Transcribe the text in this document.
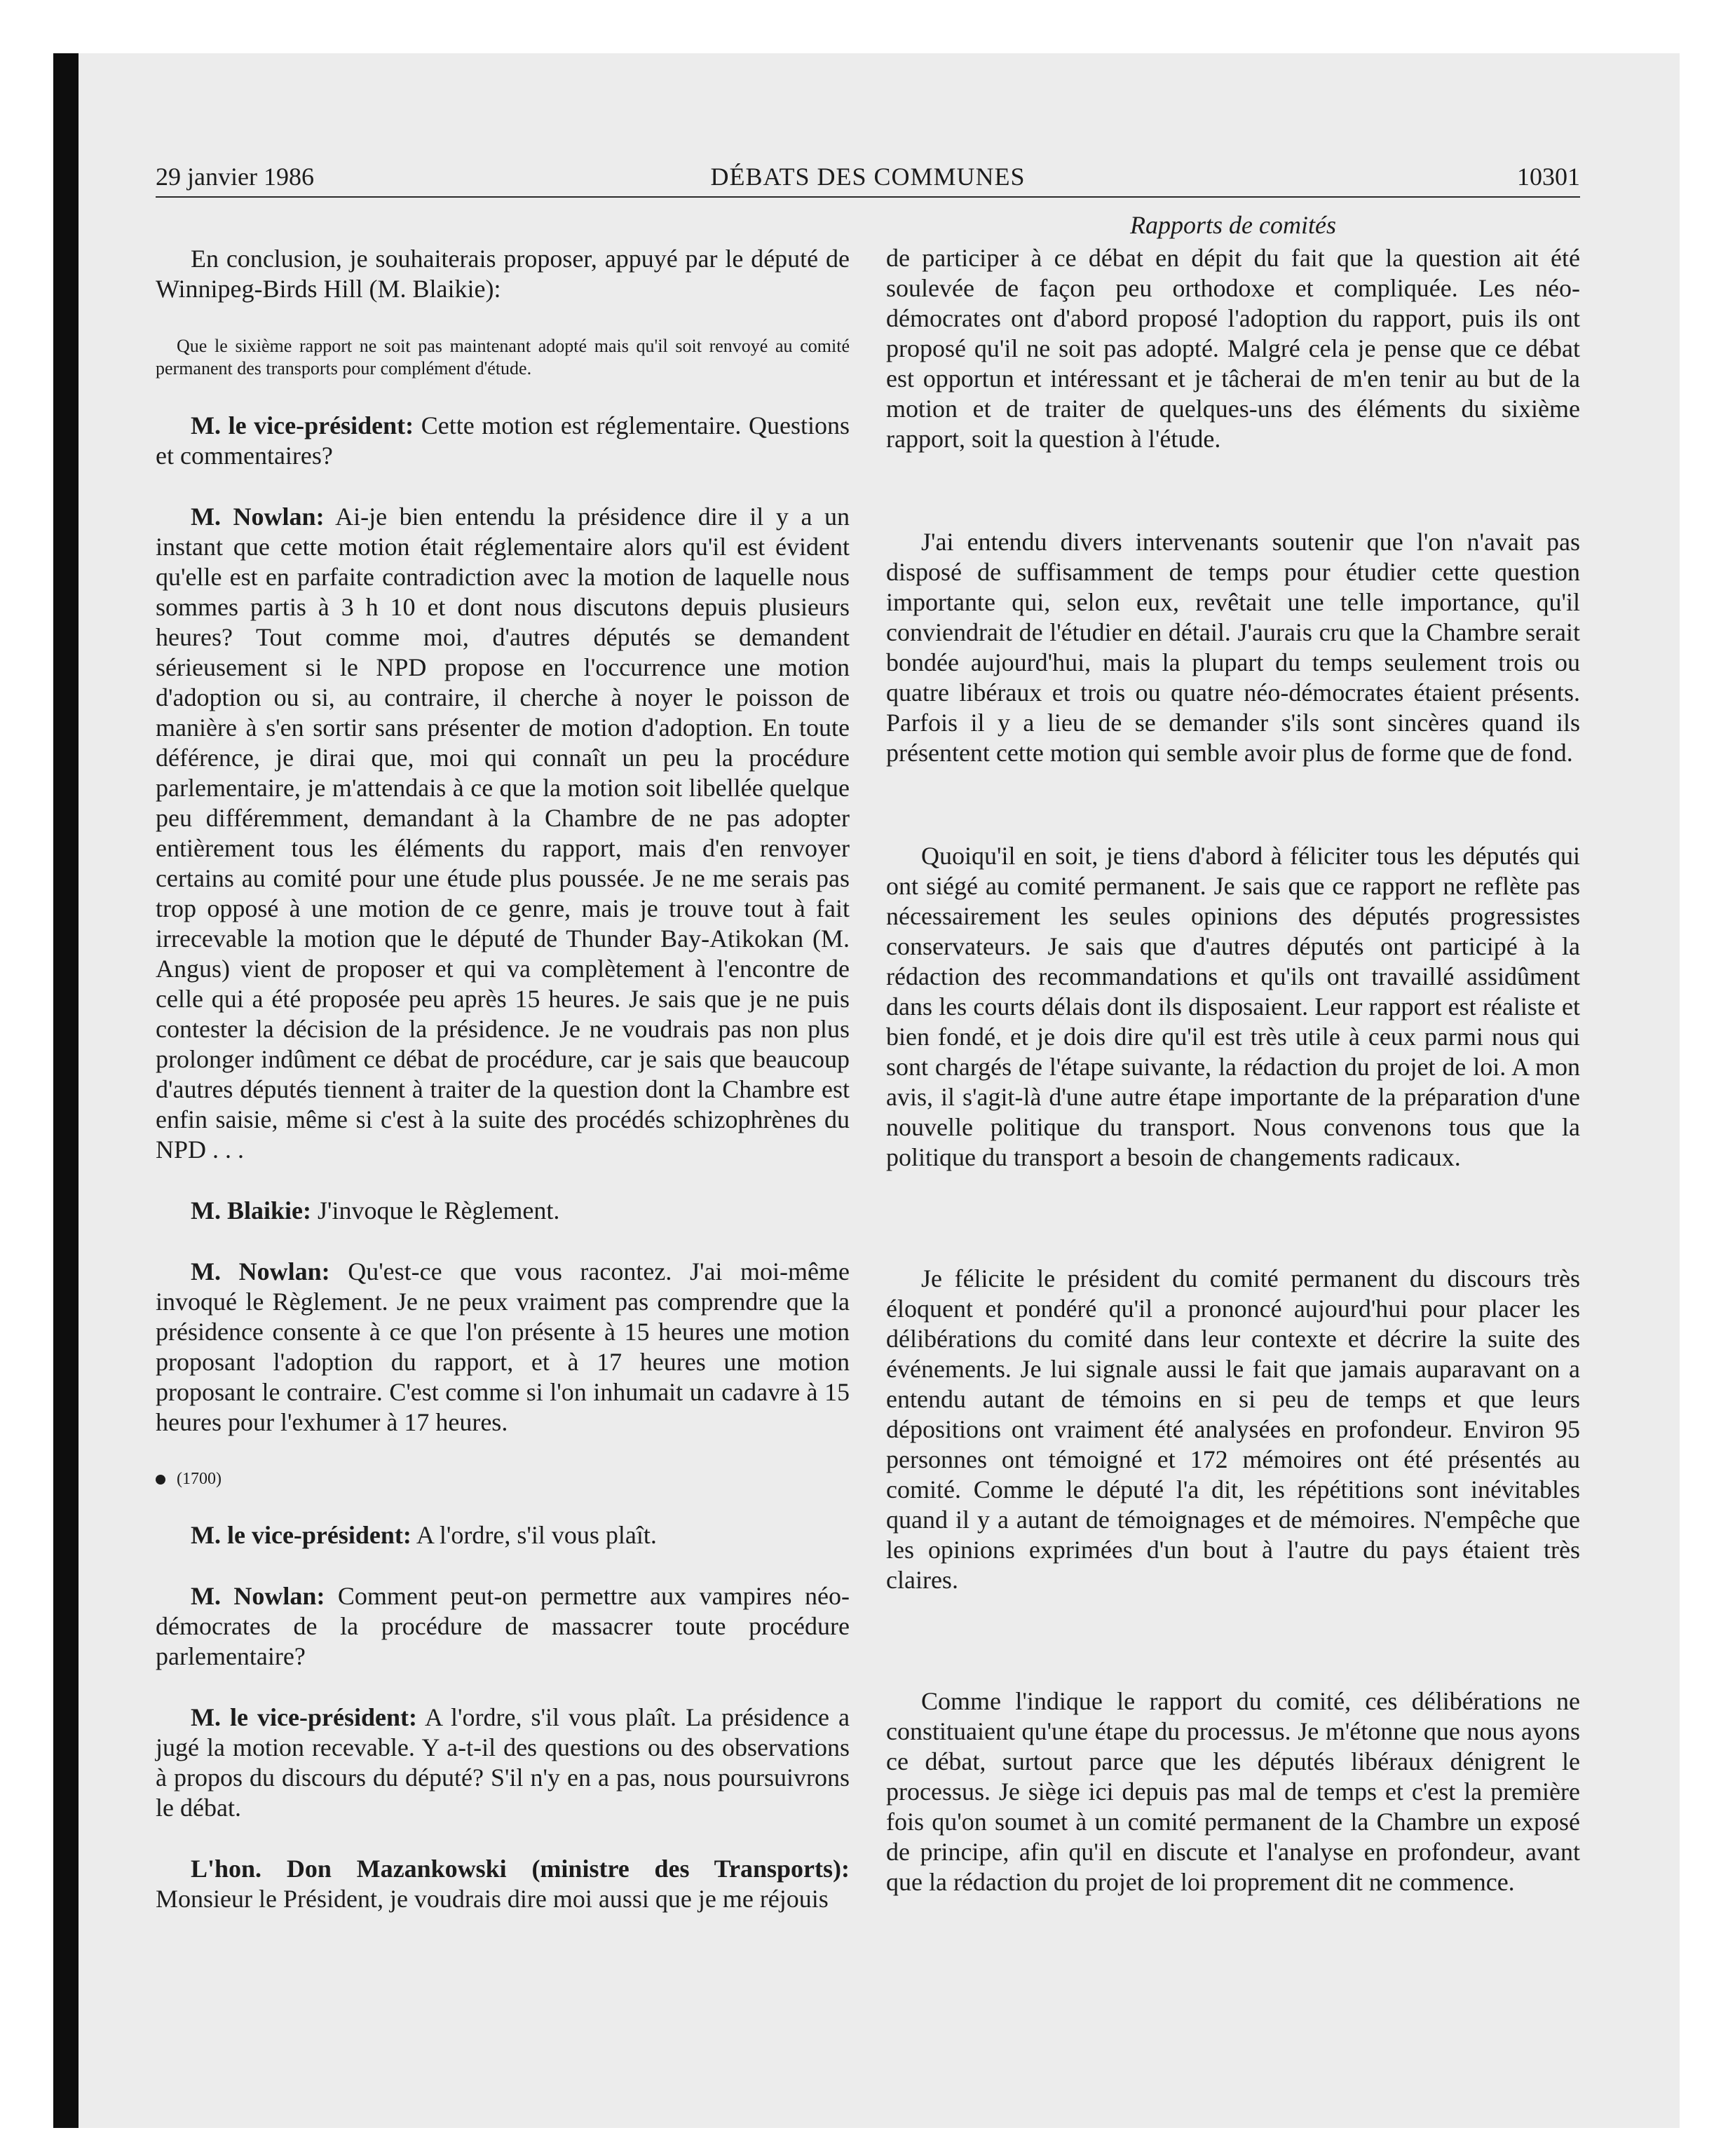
29 janvier 1986	DÉBATS DES COMMUNES	10301

En conclusion, je souhaiterais proposer, appuyé par le député de Winnipeg-Birds Hill (M. Blaikie):

Que le sixième rapport ne soit pas maintenant adopté mais qu'il soit renvoyé au comité permanent des transports pour complément d'étude.

M. le vice-président: Cette motion est réglementaire. Questions et commentaires?

M. Nowlan: Ai-je bien entendu la présidence dire il y a un instant que cette motion était réglementaire alors qu'il est évident qu'elle est en parfaite contradiction avec la motion de laquelle nous sommes partis à 3 h 10 et dont nous discutons depuis plusieurs heures? Tout comme moi, d'autres députés se demandent sérieusement si le NPD propose en l'occurrence une motion d'adoption ou si, au contraire, il cherche à noyer le poisson de manière à s'en sortir sans présenter de motion d'adoption. En toute déférence, je dirai que, moi qui connaît un peu la procédure parlementaire, je m'attendais à ce que la motion soit libellée quelque peu différemment, demandant à la Chambre de ne pas adopter entièrement tous les éléments du rapport, mais d'en renvoyer certains au comité pour une étude plus poussée. Je ne me serais pas trop opposé à une motion de ce genre, mais je trouve tout à fait irrecevable la motion que le député de Thunder Bay-Atikokan (M. Angus) vient de proposer et qui va complètement à l'encontre de celle qui a été proposée peu après 15 heures. Je sais que je ne puis contester la décision de la présidence. Je ne voudrais pas non plus prolonger indûment ce débat de procédure, car je sais que beaucoup d'autres députés tiennent à traiter de la question dont la Chambre est enfin saisie, même si c'est à la suite des procédés schizophrènes du NPD . . .

M. Blaikie: J'invoque le Règlement.

M. Nowlan: Qu'est-ce que vous racontez. J'ai moi-même invoqué le Règlement. Je ne peux vraiment pas comprendre que la présidence consente à ce que l'on présente à 15 heures une motion proposant l'adoption du rapport, et à 17 heures une motion proposant le contraire. C'est comme si l'on inhumait un cadavre à 15 heures pour l'exhumer à 17 heures.

(1700)

M. le vice-président: A l'ordre, s'il vous plaît.

M. Nowlan: Comment peut-on permettre aux vampires néo-démocrates de la procédure de massacrer toute procédure parlementaire?

M. le vice-président: A l'ordre, s'il vous plaît. La présidence a jugé la motion recevable. Y a-t-il des questions ou des observations à propos du discours du député? S'il n'y en a pas, nous poursuivrons le débat.

L'hon. Don Mazankowski (ministre des Transports): Monsieur le Président, je voudrais dire moi aussi que je me réjouis

Rapports de comités

de participer à ce débat en dépit du fait que la question ait été soulevée de façon peu orthodoxe et compliquée. Les néo-démocrates ont d'abord proposé l'adoption du rapport, puis ils ont proposé qu'il ne soit pas adopté. Malgré cela je pense que ce débat est opportun et intéressant et je tâcherai de m'en tenir au but de la motion et de traiter de quelques-uns des éléments du sixième rapport, soit la question à l'étude.

J'ai entendu divers intervenants soutenir que l'on n'avait pas disposé de suffisamment de temps pour étudier cette question importante qui, selon eux, revêtait une telle importance, qu'il conviendrait de l'étudier en détail. J'aurais cru que la Chambre serait bondée aujourd'hui, mais la plupart du temps seulement trois ou quatre libéraux et trois ou quatre néo-démocrates étaient présents. Parfois il y a lieu de se demander s'ils sont sincères quand ils présentent cette motion qui semble avoir plus de forme que de fond.

Quoiqu'il en soit, je tiens d'abord à féliciter tous les députés qui ont siégé au comité permanent. Je sais que ce rapport ne reflète pas nécessairement les seules opinions des députés progressistes conservateurs. Je sais que d'autres députés ont participé à la rédaction des recommandations et qu'ils ont travaillé assidûment dans les courts délais dont ils disposaient. Leur rapport est réaliste et bien fondé, et je dois dire qu'il est très utile à ceux parmi nous qui sont chargés de l'étape suivante, la rédaction du projet de loi. A mon avis, il s'agit-là d'une autre étape importante de la préparation d'une nouvelle politique du transport. Nous convenons tous que la politique du transport a besoin de changements radicaux.

Je félicite le président du comité permanent du discours très éloquent et pondéré qu'il a prononcé aujourd'hui pour placer les délibérations du comité dans leur contexte et décrire la suite des événements. Je lui signale aussi le fait que jamais auparavant on a entendu autant de témoins en si peu de temps et que leurs dépositions ont vraiment été analysées en profondeur. Environ 95 personnes ont témoigné et 172 mémoires ont été présentés au comité. Comme le député l'a dit, les répétitions sont inévitables quand il y a autant de témoignages et de mémoires. N'empêche que les opinions exprimées d'un bout à l'autre du pays étaient très claires.

Comme l'indique le rapport du comité, ces délibérations ne constituaient qu'une étape du processus. Je m'étonne que nous ayons ce débat, surtout parce que les députés libéraux dénigrent le processus. Je siège ici depuis pas mal de temps et c'est la première fois qu'on soumet à un comité permanent de la Chambre un exposé de principe, afin qu'il en discute et l'analyse en profondeur, avant que la rédaction du projet de loi proprement dit ne commence.
